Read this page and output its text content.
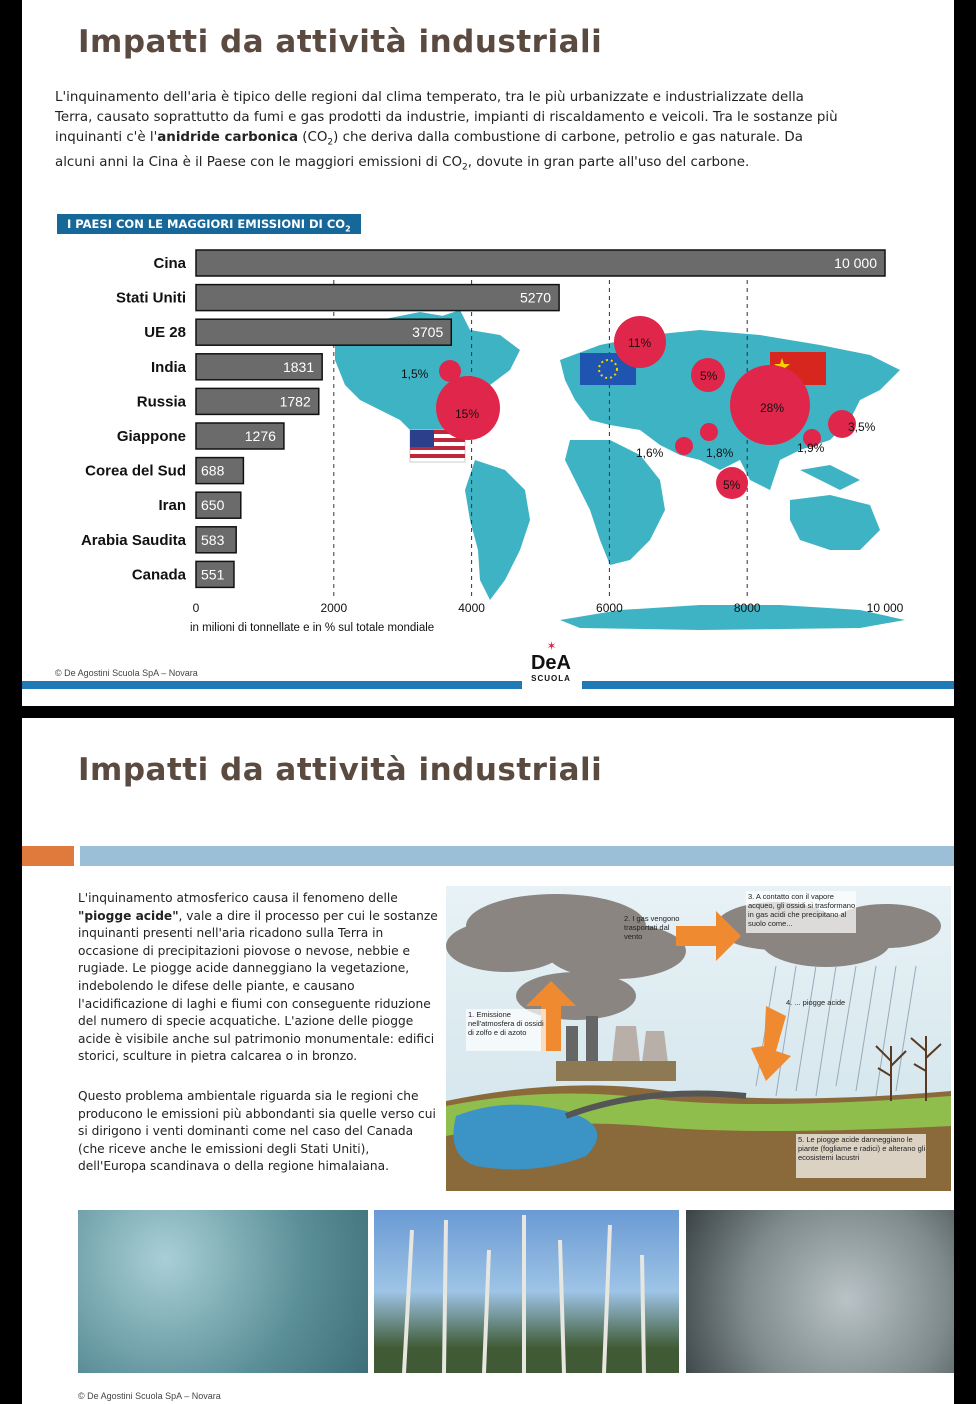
Impatti da attività industriali
L'inquinamento dell'aria è tipico delle regioni dal clima temperato, tra le più urbanizzate e industrializzate della Terra, causato soprattutto da fumi e gas prodotti da industrie, impianti di riscaldamento e veicoli. Tra le sostanze più inquinanti c'è l'anidride carbonica $(CO_2)$ che deriva dalla combustione di carbone, petrolio e gas naturale. Da alcuni anni la Cina è il Paese con le maggiori emissioni di $CO_2$, dovute in gran parte all'uso del carbone.
I PAESI CON LE MAGGIORI EMISSIONI DI $CO_2$
11%
1,5%	5%
28%
15%
3,5%
1,6%	1,8%	1,9%
5%
Cina	10 000
Stati Uniti	5270
UE 28	3705
India	1831
Russia	1782
Giappone	1276
Corea del Sud 688
Iran 650
Arabia Saudita 583
Canada 551
0	2000	4000	6000	8000	10 000
in milioni di tonnellate e in % sul totale mondiale
© De Agostini Scuola SpA – Novara
✶
DeA
SCUOLA
Impatti da attività industriali
L'inquinamento atmosferico causa il fenomeno delle "piogge acide", vale a dire il processo per cui le sostanze inquinanti presenti nell'aria ricadono sulla Terra in occasione di precipitazioni piovose o nevose, nebbie e rugiade. Le piogge acide danneggiano la vegetazione, indebolendo le difese delle piante, e causano l'acidificazione di laghi e fiumi con conseguente riduzione del numero di specie acquatiche. L'azione delle piogge acide è visibile anche sul patrimonio monumentale: edifici storici, sculture in pietra calcarea o in bronzo.
Questo problema ambientale riguarda sia le regioni che producono le emissioni più abbondanti sia quelle verso cui si dirigono i venti dominanti come nel caso del Canada (che riceve anche le emissioni degli Stati Uniti), dell'Europa scandinava o della regione himalaiana.
1. Emissione nell'atmosfera di ossidi di zolfo e di azoto
2. I gas vengono trasportati dal vento
3. A contatto con il vapore acqueo, gli ossidi si trasformano in gas acidi che precipitano al suolo come...
4. ... piogge acide
5. Le piogge acide danneggiano le piante (fogliame e radici) e alterano gli ecosistemi lacustri
© De Agostini Scuola SpA – Novara
